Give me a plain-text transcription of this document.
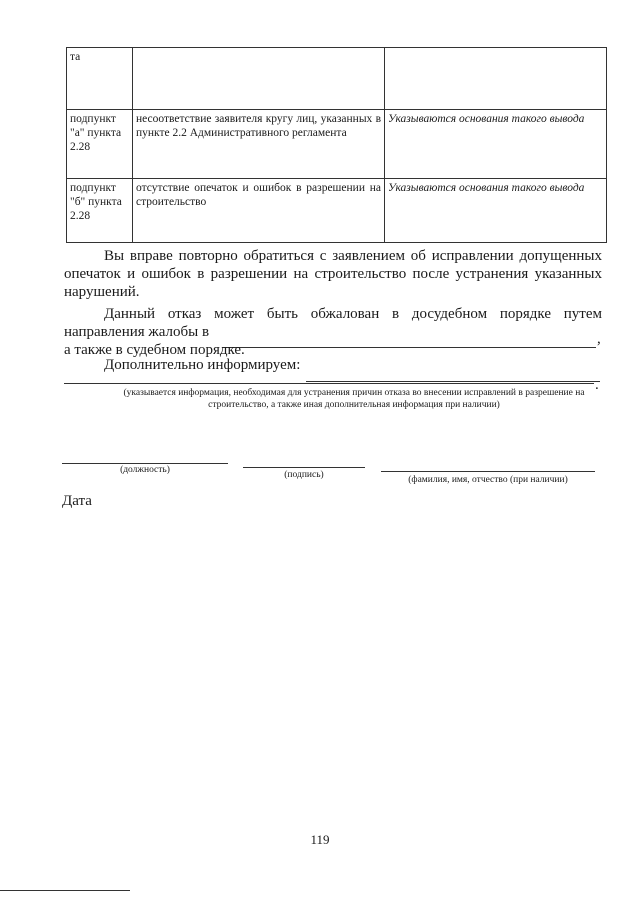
та		
подпункт "а" пункта 2.28	несоответствие заявителя кругу лиц, указанных в пункте 2.2 Административного регламента	Указываются основания такого вывода
подпункт "б" пункта 2.28	отсутствие опечаток и ошибок в разрешении на строительство	Указываются основания такого вывода
Вы вправе повторно обратиться с заявлением об исправлении допущенных опечаток и ошибок в разрешении на строительство после устранения указанных нарушений.
Данный отказ может быть обжалован в досудебном порядке путем направления жалобы в	,
а также в судебном порядке.
Дополнительно информируем:
.
(указывается информация, необходимая для устранения причин отказа во внесении исправлений в разрешение на строительство, а также иная дополнительная информация при наличии)
(должность)	(подпись)	(фамилия, имя, отчество (при наличии)
Дата
119
